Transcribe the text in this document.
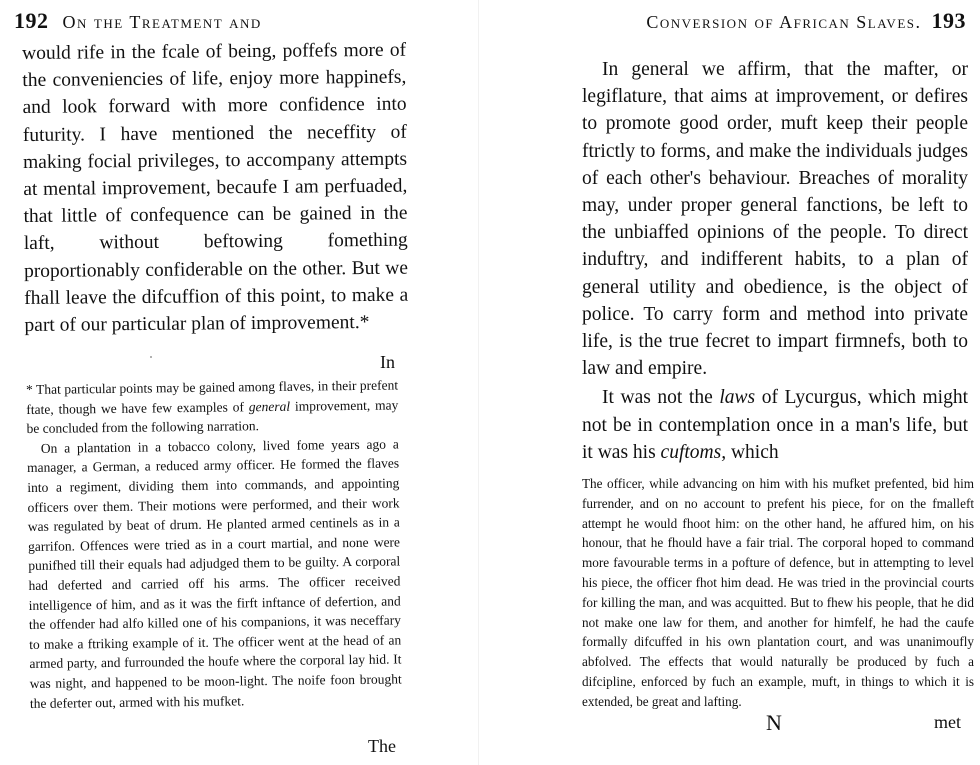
192 On the Treatment and

would rife in the fcale of being, poffefs more of the conveniencies of life, enjoy more happinefs, and look forward with more confidence into futurity. I have mentioned the neceffity of making focial privileges, to accompany attempts at mental improvement, becaufe I am perfuaded, that little of confequence can be gained in the laft, without beftowing fomething proportionably confiderable on the other. But we fhall leave the difcuffion of this point, to make a part of our particular plan of improvement.*

In

* That particular points may be gained among flaves, in their prefent ftate, though we have few examples of general improvement, may be concluded from the following narration.

On a plantation in a tobacco colony, lived fome years ago a manager, a German, a reduced army officer. He formed the flaves into a regiment, dividing them into commands, and appointing officers over them. Their motions were performed, and their work was regulated by beat of drum. He planted armed centinels as in a garrifon. Offences were tried as in a court martial, and none were punifhed till their equals had adjudged them to be guilty. A corporal had deferted and carried off his arms. The officer received intelligence of him, and as it was the firft inftance of defertion, and the offender had alfo killed one of his companions, it was neceffary to make a ftriking example of it. The officer went at the head of an armed party, and furrounded the houfe where the corporal lay hid. It was night, and happened to be moon-light. The noife foon brought the deferter out, armed with his mufket.

The
Conversion of African Slaves. 193

In general we affirm, that the mafter, or legiflature, that aims at improvement, or defires to promote good order, muft keep their people ftrictly to forms, and make the individuals judges of each other's behaviour. Breaches of morality may, under proper general fanctions, be left to the unbiaffed opinions of the people. To direct induftry, and indifferent habits, to a plan of general utility and obedience, is the object of police. To carry form and method into private life, is the true fecret to impart firmnefs, both to law and empire.

It was not the laws of Lycurgus, which might not be in contemplation once in a man's life, but it was his cuftoms, which

The officer, while advancing on him with his mufket prefented, bid him furrender, and on no account to prefent his piece, for on the fmalleft attempt he would fhoot him: on the other hand, he affured him, on his honour, that he fhould have a fair trial. The corporal hoped to command more favourable terms in a pofture of defence, but in attempting to level his piece, the officer fhot him dead. He was tried in the provincial courts for killing the man, and was acquitted. But to fhew his people, that he did not make one law for them, and another for himfelf, he had the caufe formally difcuffed in his own plantation court, and was unanimoufly abfolved. The effects that would naturally be produced by fuch a difcipline, enforced by fuch an example, muft, in things to which it is extended, be great and lafting.

N	met
